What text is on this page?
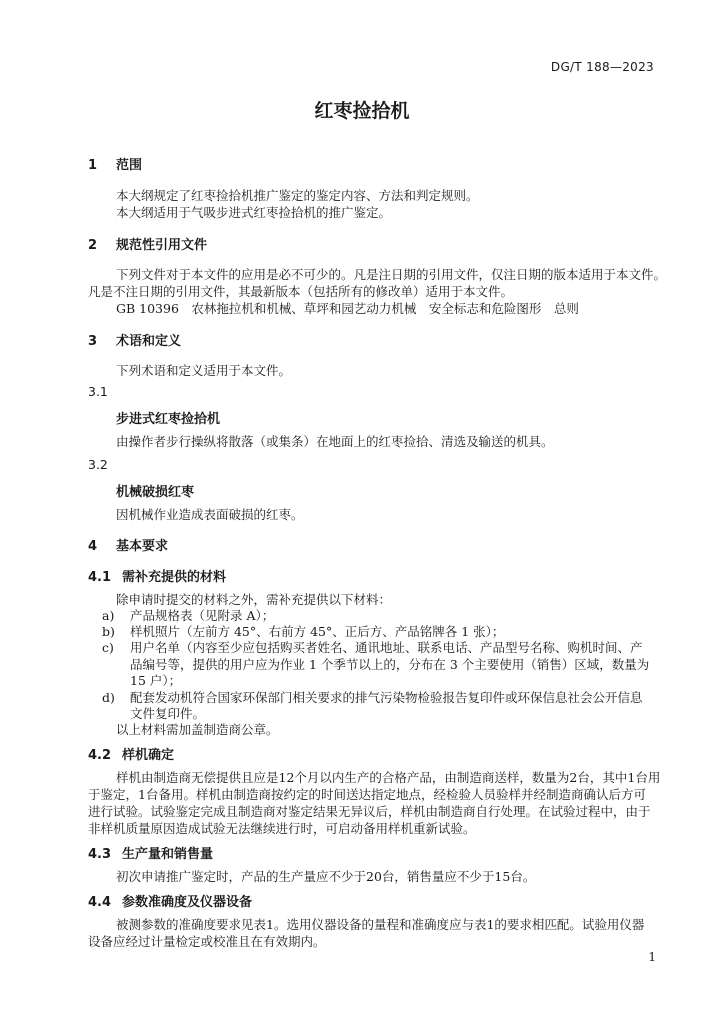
DG/T 188—2023
红枣捡拾机
1 范围
本大纲规定了红枣捡拾机推广鉴定的鉴定内容、方法和判定规则。
本大纲适用于气吸步进式红枣捡拾机的推广鉴定。
2 规范性引用文件
下列文件对于本文件的应用是必不可少的。凡是注日期的引用文件，仅注日期的版本适用于本文件。
凡是不注日期的引用文件，其最新版本（包括所有的修改单）适用于本文件。
GB 10396　农林拖拉机和机械、草坪和园艺动力机械　安全标志和危险图形　总则
3 术语和定义
下列术语和定义适用于本文件。
3.1
步进式红枣捡拾机
由操作者步行操纵将散落（或集条）在地面上的红枣捡拾、清选及输送的机具。
3.2
机械破损红枣
因机械作业造成表面破损的红枣。
4 基本要求
4.1 需补充提供的材料
除申请时提交的材料之外，需补充提供以下材料：
a) 产品规格表（见附录 A）；
b) 样机照片（左前方 45°、右前方 45°、正后方、产品铭牌各 1 张）；
c) 用户名单（内容至少应包括购买者姓名、通讯地址、联系电话、产品型号名称、购机时间、产
品编号等，提供的用户应为作业 1 个季节以上的，分布在 3 个主要使用（销售）区域，数量为
15 户）；
d) 配套发动机符合国家环保部门相关要求的排气污染物检验报告复印件或环保信息社会公开信息
文件复印件。
以上材料需加盖制造商公章。
4.2 样机确定
样机由制造商无偿提供且应是12个月以内生产的合格产品，由制造商送样，数量为2台，其中1台用
于鉴定，1台备用。样机由制造商按约定的时间送达指定地点，经检验人员验样并经制造商确认后方可
进行试验。试验鉴定完成且制造商对鉴定结果无异议后，样机由制造商自行处理。在试验过程中，由于
非样机质量原因造成试验无法继续进行时，可启动备用样机重新试验。
4.3 生产量和销售量
初次申请推广鉴定时，产品的生产量应不少于20台，销售量应不少于15台。
4.4 参数准确度及仪器设备
被测参数的准确度要求见表1。选用仪器设备的量程和准确度应与表1的要求相匹配。试验用仪器
设备应经过计量检定或校准且在有效期内。
1
